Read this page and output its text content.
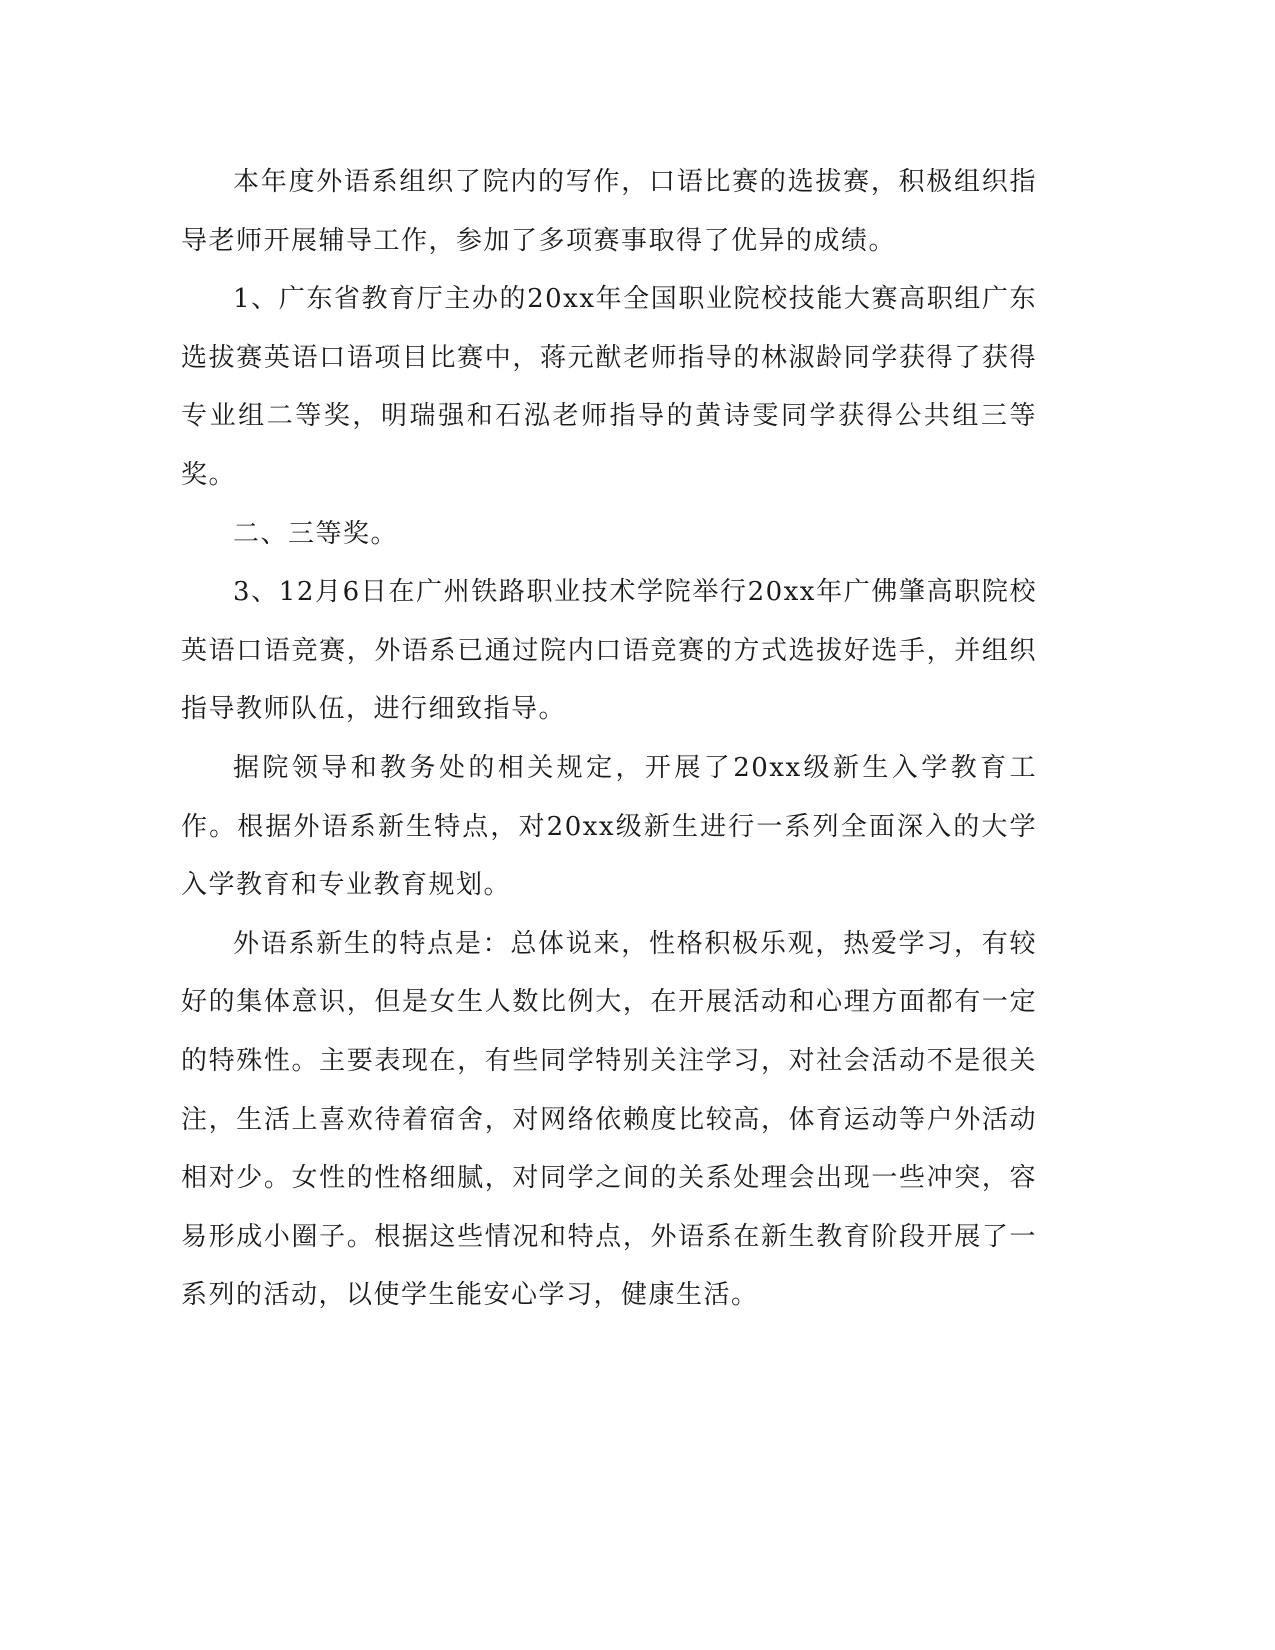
本年度外语系组织了院内的写作，口语比赛的选拔赛，积极组织指导老师开展辅导工作，参加了多项赛事取得了优异的成绩。

1、广东省教育厅主办的20xx年全国职业院校技能大赛高职组广东选拔赛英语口语项目比赛中，蒋元猷老师指导的林淑龄同学获得了获得专业组二等奖，明瑞强和石泓老师指导的黄诗雯同学获得公共组三等奖。

二、三等奖。

3、12月6日在广州铁路职业技术学院举行20xx年广佛肇高职院校英语口语竞赛，外语系已通过院内口语竞赛的方式选拔好选手，并组织指导教师队伍，进行细致指导。

据院领导和教务处的相关规定，开展了20xx级新生入学教育工作。根据外语系新生特点，对20xx级新生进行一系列全面深入的大学入学教育和专业教育规划。

外语系新生的特点是：总体说来，性格积极乐观，热爱学习，有较好的集体意识，但是女生人数比例大，在开展活动和心理方面都有一定的特殊性。主要表现在，有些同学特别关注学习，对社会活动不是很关注，生活上喜欢待着宿舍，对网络依赖度比较高，体育运动等户外活动相对少。女性的性格细腻，对同学之间的关系处理会出现一些冲突，容易形成小圈子。根据这些情况和特点，外语系在新生教育阶段开展了一系列的活动，以使学生能安心学习，健康生活。
